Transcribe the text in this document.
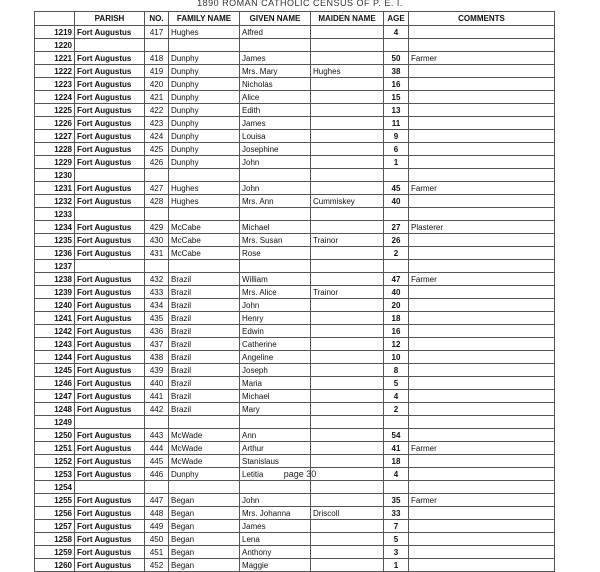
1890 ROMAN CATHOLIC CENSUS OF P. E. I.
	PARISH	NO.	FAMILY NAME	GIVEN NAME	MAIDEN NAME	AGE	COMMENTS
1219	Fort Augustus	417	Hughes	Alfred		4	
1220							
1221	Fort Augustus	418	Dunphy	James		50	Farmer
1222	Fort Augustus	419	Dunphy	Mrs. Mary	Hughes	38	
1223	Fort Augustus	420	Dunphy	Nicholas		16	
1224	Fort Augustus	421	Dunphy	Alice		15	
1225	Fort Augustus	422	Dunphy	Edith		13	
1226	Fort Augustus	423	Dunphy	James		11	
1227	Fort Augustus	424	Dunphy	Louisa		9	
1228	Fort Augustus	425	Dunphy	Josephine		6	
1229	Fort Augustus	426	Dunphy	John		1	
1230							
1231	Fort Augustus	427	Hughes	John		45	Farmer
1232	Fort Augustus	428	Hughes	Mrs. Ann	Cummiskey	40	
1233							
1234	Fort Augustus	429	McCabe	Michael		27	Plasterer
1235	Fort Augustus	430	McCabe	Mrs. Susan	Trainor	26	
1236	Fort Augustus	431	McCabe	Rose		2	
1237							
1238	Fort Augustus	432	Brazil	William		47	Farmer
1239	Fort Augustus	433	Brazil	Mrs. Alice	Trainor	40	
1240	Fort Augustus	434	Brazil	John		20	
1241	Fort Augustus	435	Brazil	Henry		18	
1242	Fort Augustus	436	Brazil	Edwin		16	
1243	Fort Augustus	437	Brazil	Catherine		12	
1244	Fort Augustus	438	Brazil	Angeline		10	
1245	Fort Augustus	439	Brazil	Joseph		8	
1246	Fort Augustus	440	Brazil	Maria		5	
1247	Fort Augustus	441	Brazil	Michael		4	
1248	Fort Augustus	442	Brazil	Mary		2	
1249							
1250	Fort Augustus	443	McWade	Ann		54	
1251	Fort Augustus	444	McWade	Arthur		41	Farmer
1252	Fort Augustus	445	McWade	Stanislaus		18	
1253	Fort Augustus	446	Dunphy	Letitia		4	
1254							
1255	Fort Augustus	447	Began	John		35	Farmer
1256	Fort Augustus	448	Began	Mrs. Johanna	Driscoll	33	
1257	Fort Augustus	449	Began	James		7	
1258	Fort Augustus	450	Began	Lena		5	
1259	Fort Augustus	451	Began	Anthony		3	
1260	Fort Augustus	452	Began	Maggie		1	
page 30
